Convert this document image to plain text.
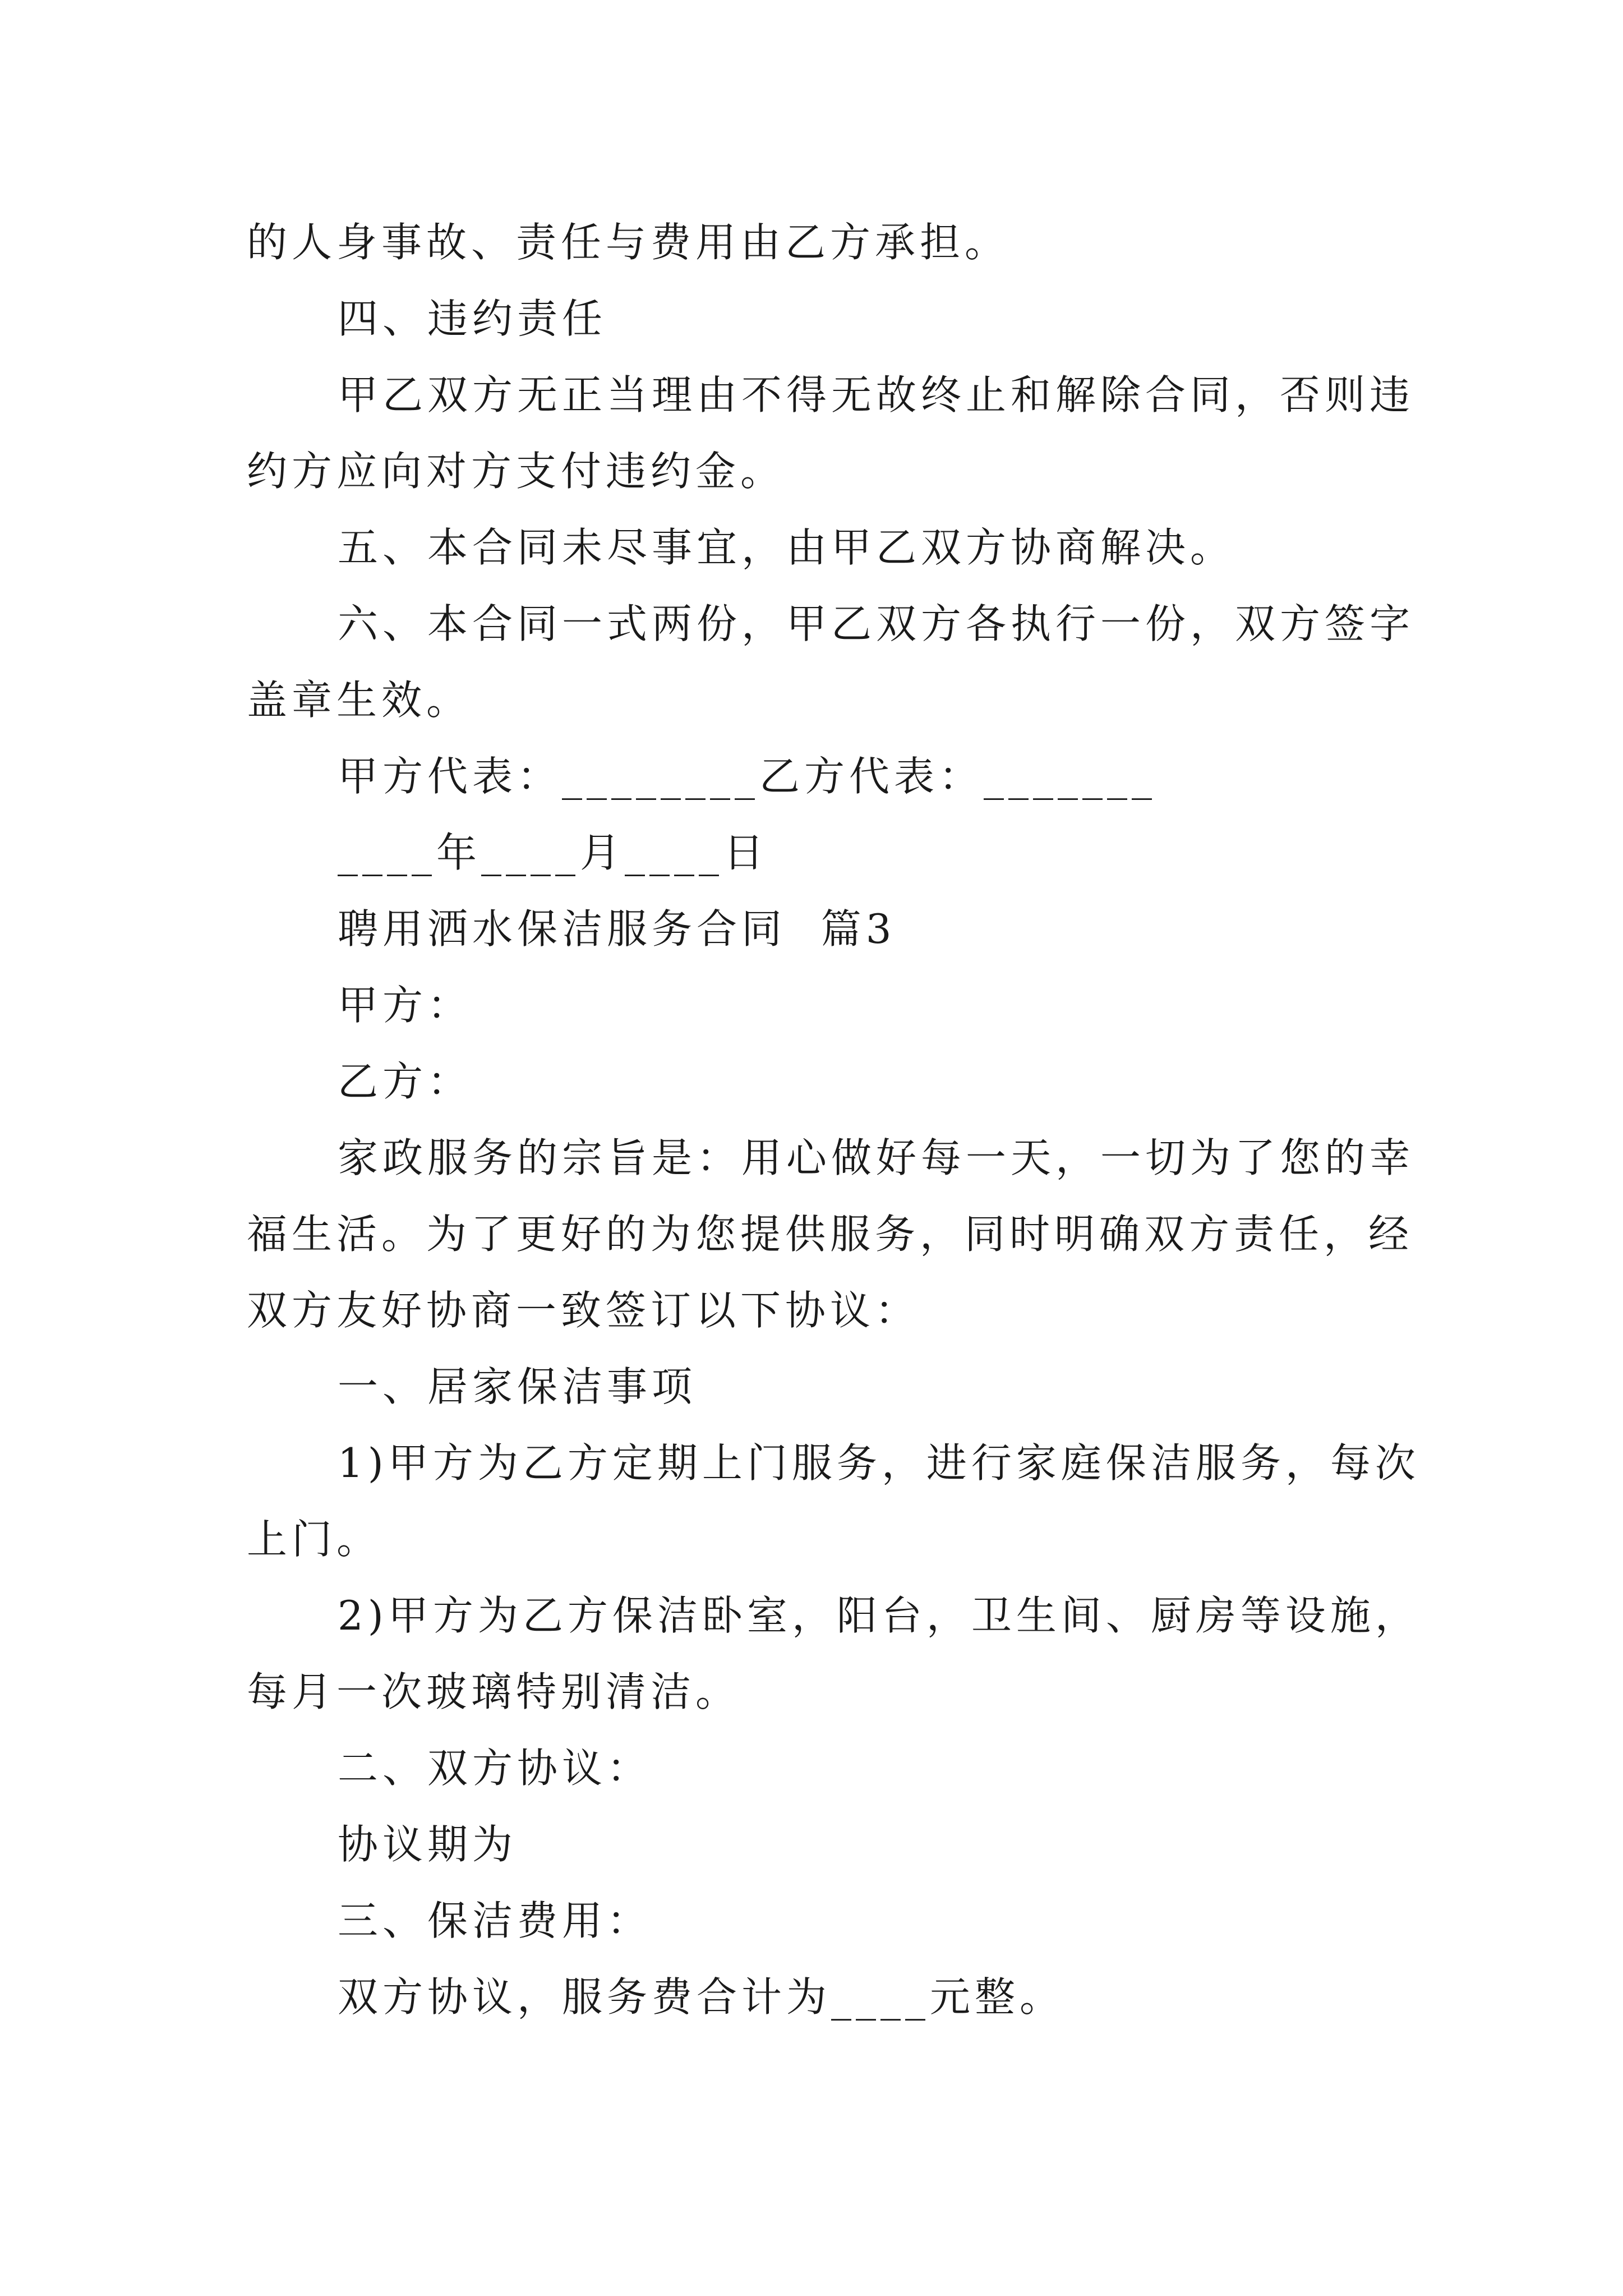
的人身事故、责任与费用由乙方承担。
四、违约责任
甲乙双方无正当理由不得无故终止和解除合同，否则违
约方应向对方支付违约金。
五、本合同未尽事宜，由甲乙双方协商解决。
六、本合同一式两份，甲乙双方各执行一份，双方签字
盖章生效。
甲方代表：________乙方代表：_______
____年____月____日
聘用洒水保洁服务合同  篇3
甲方：
乙方：
家政服务的宗旨是：用心做好每一天，一切为了您的幸
福生活。为了更好的为您提供服务，同时明确双方责任，经
双方友好协商一致签订以下协议：
一、居家保洁事项
1)甲方为乙方定期上门服务，进行家庭保洁服务，每次
上门。
2)甲方为乙方保洁卧室，阳台，卫生间、厨房等设施，
每月一次玻璃特别清洁。
二、双方协议：
协议期为
三、保洁费用：
双方协议，服务费合计为____元整。
